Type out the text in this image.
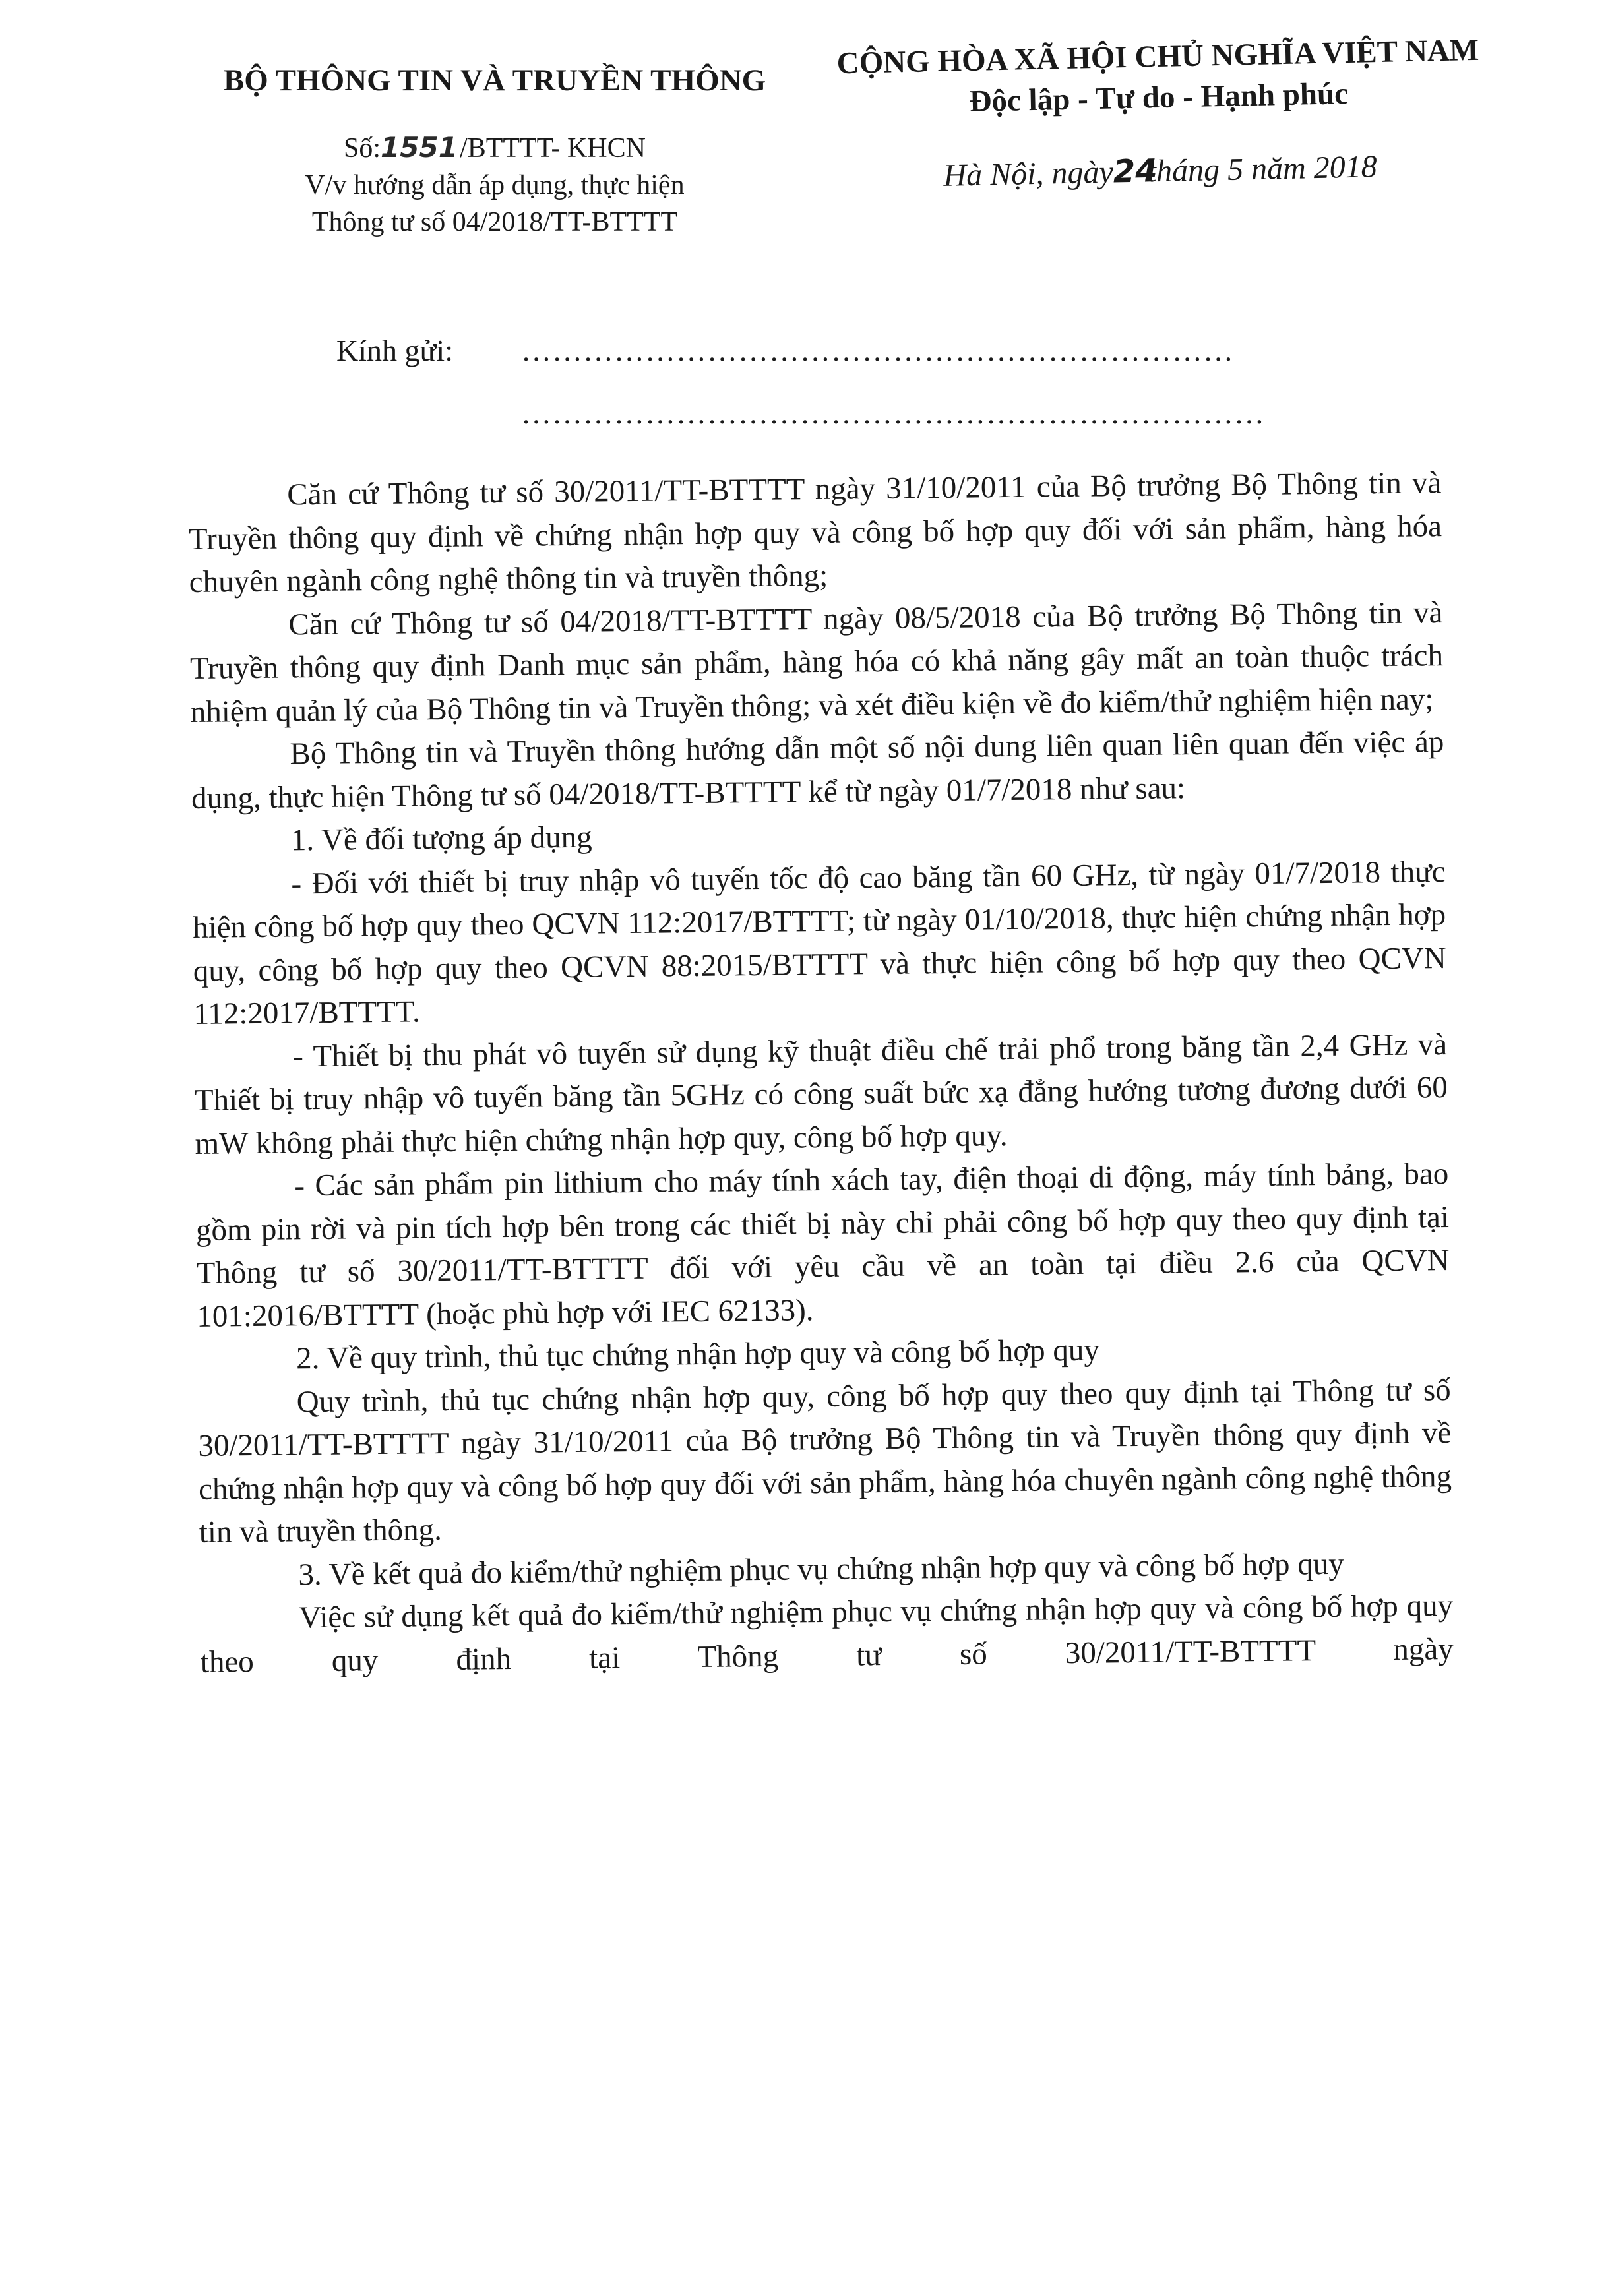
BỘ THÔNG TIN VÀ TRUYỀN THÔNG
Số:1551/BTTTT- KHCN
V/v hướng dẫn áp dụng, thực hiện
Thông tư số 04/2018/TT-BTTTT
CỘNG HÒA XÃ HỘI CHỦ NGHĨA VIỆT NAM
Độc lập - Tự do - Hạnh phúc
Hà Nội, ngày24 tháng 5 năm 2018
Kính gửi: ……………………………………………………………
………………………………………………………………

Căn cứ Thông tư số 30/2011/TT-BTTTT ngày 31/10/2011 của Bộ trưởng Bộ Thông tin và Truyền thông quy định về chứng nhận hợp quy và công bố hợp quy đối với sản phẩm, hàng hóa chuyên ngành công nghệ thông tin và truyền thông;

Căn cứ Thông tư số 04/2018/TT-BTTTT ngày 08/5/2018 của Bộ trưởng Bộ Thông tin và Truyền thông quy định Danh mục sản phẩm, hàng hóa có khả năng gây mất an toàn thuộc trách nhiệm quản lý của Bộ Thông tin và Truyền thông; và xét điều kiện về đo kiểm/thử nghiệm hiện nay;

Bộ Thông tin và Truyền thông hướng dẫn một số nội dung liên quan liên quan đến việc áp dụng, thực hiện Thông tư số 04/2018/TT-BTTTT kể từ ngày 01/7/2018 như sau:

1. Về đối tượng áp dụng

- Đối với thiết bị truy nhập vô tuyến tốc độ cao băng tần 60 GHz, từ ngày 01/7/2018 thực hiện công bố hợp quy theo QCVN 112:2017/BTTTT; từ ngày 01/10/2018, thực hiện chứng nhận hợp quy, công bố hợp quy theo QCVN 88:2015/BTTTT và thực hiện công bố hợp quy theo QCVN 112:2017/BTTTT.

- Thiết bị thu phát vô tuyến sử dụng kỹ thuật điều chế trải phổ trong băng tần 2,4 GHz và Thiết bị truy nhập vô tuyến băng tần 5GHz có công suất bức xạ đẳng hướng tương đương dưới 60 mW không phải thực hiện chứng nhận hợp quy, công bố hợp quy.

- Các sản phẩm pin lithium cho máy tính xách tay, điện thoại di động, máy tính bảng, bao gồm pin rời và pin tích hợp bên trong các thiết bị này chỉ phải công bố hợp quy theo quy định tại Thông tư số 30/2011/TT-BTTTT đối với yêu cầu về an toàn tại điều 2.6 của QCVN 101:2016/BTTTT (hoặc phù hợp với IEC 62133).

2. Về quy trình, thủ tục chứng nhận hợp quy và công bố hợp quy

Quy trình, thủ tục chứng nhận hợp quy, công bố hợp quy theo quy định tại Thông tư số 30/2011/TT-BTTTT ngày 31/10/2011 của Bộ trưởng Bộ Thông tin và Truyền thông quy định về chứng nhận hợp quy và công bố hợp quy đối với sản phẩm, hàng hóa chuyên ngành công nghệ thông tin và truyền thông.

3. Về kết quả đo kiểm/thử nghiệm phục vụ chứng nhận hợp quy và công bố hợp quy

Việc sử dụng kết quả đo kiểm/thử nghiệm phục vụ chứng nhận hợp quy và công bố hợp quy theo quy định tại Thông tư số 30/2011/TT-BTTTT ngày
